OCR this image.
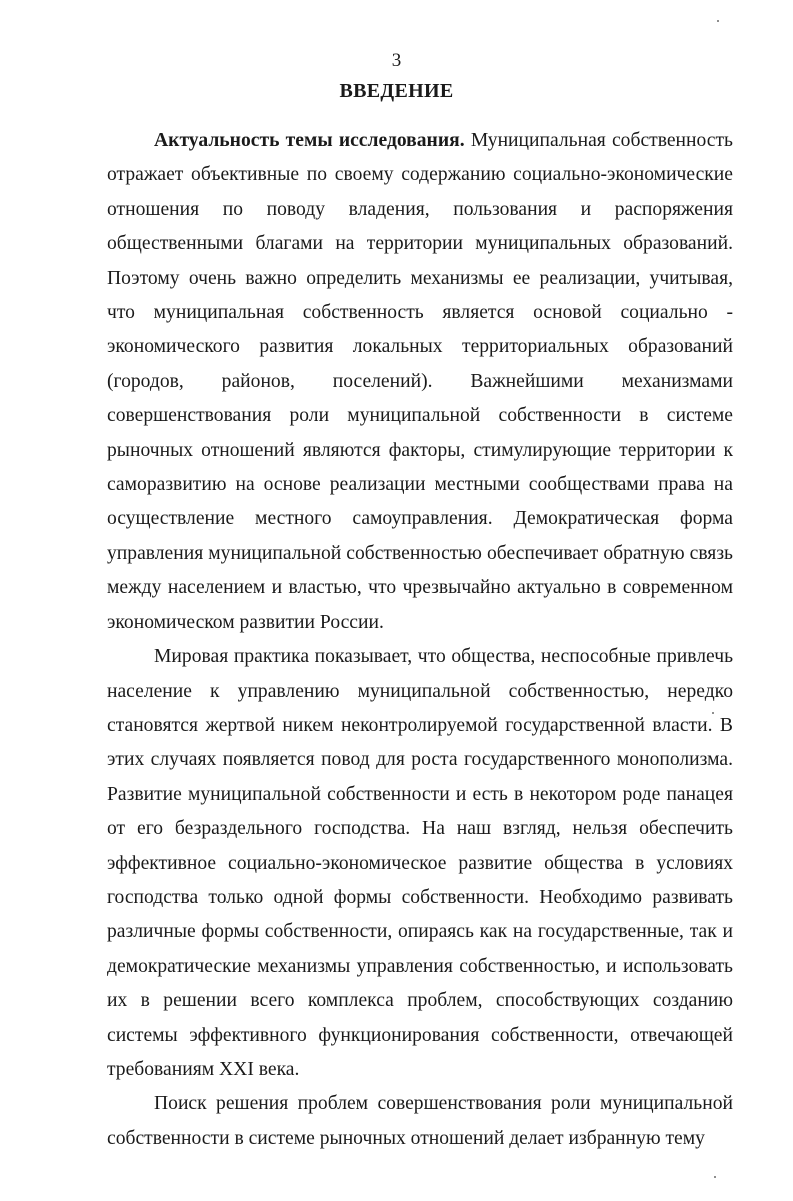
3
ВВЕДЕНИЕ

Актуальность темы исследования. Муниципальная собственность отражает объективные по своему содержанию социально-экономические отношения по поводу владения, пользования и распоряжения общественными благами на территории муниципальных образований. Поэтому очень важно определить механизмы ее реализации, учитывая, что муниципальная собственность является основой социально - экономического развития локальных территориальных образований (городов, районов, поселений). Важнейшими механизмами совершенствования роли муниципальной собственности в системе рыночных отношений являются факторы, стимулирующие территории к саморазвитию на основе реализации местными сообществами права на осуществление местного самоуправления. Демократическая форма управления муниципальной собственностью обеспечивает обратную связь между населением и властью, что чрезвычайно актуально в современном экономическом развитии России.

Мировая практика показывает, что общества, неспособные привлечь население к управлению муниципальной собственностью, нередко становятся жертвой никем неконтролируемой государственной власти. В этих случаях появляется повод для роста государственного монополизма. Развитие муниципальной собственности и есть в некотором роде панацея от его безраздельного господства. На наш взгляд, нельзя обеспечить эффективное социально-экономическое развитие общества в условиях господства только одной формы собственности. Необходимо развивать различные формы собственности, опираясь как на государственные, так и демократические механизмы управления собственностью, и использовать их в решении всего комплекса проблем, способствующих созданию системы эффективного функционирования собственности, отвечающей требованиям XXI века.

Поиск решения проблем совершенствования роли муниципальной собственности в системе рыночных отношений делает избранную тему
